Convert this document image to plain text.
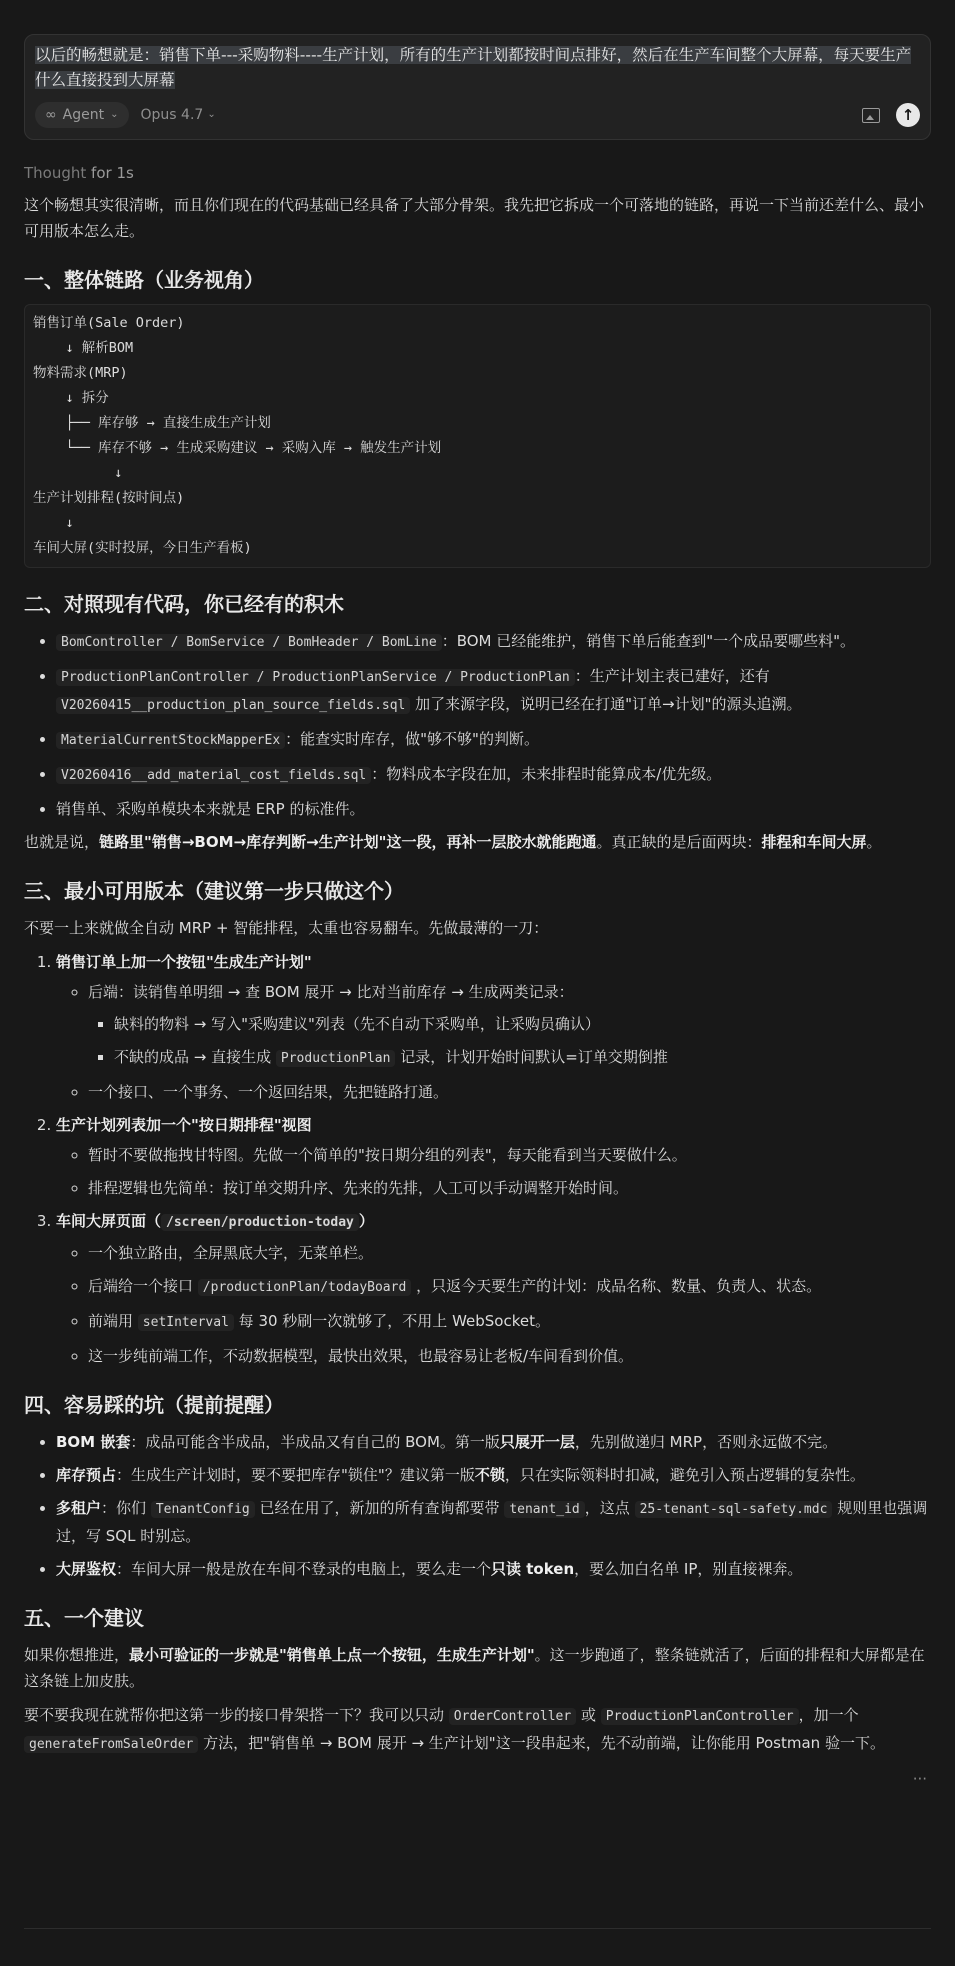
以后的畅想就是：销售下单---采购物料----生产计划，所有的生产计划都按时间点排好，然后在生产车间整个大屏幕，每天要生产什么直接投到大屏幕
∞ Agent ⌄ Opus 4.7 ⌄	↑
Thought for 1s

这个畅想其实很清晰，而且你们现在的代码基础已经具备了大部分骨架。我先把它拆成一个可落地的链路，再说一下当前还差什么、最小可用版本怎么走。

一、整体链路（业务视角）
销售订单(Sale Order)
↓ 解析BOM
物料需求(MRP)
↓ 拆分
├── 库存够 → 直接生成生产计划
└── 库存不够 → 生成采购建议 → 采购入库 → 触发生产计划
↓
生产计划排程(按时间点)
↓
车间大屏(实时投屏，今日生产看板)
二、对照现有代码，你已经有的积木
• BomController / BomService / BomHeader / BomLine ：BOM 已经能维护，销售下单后能查到"一个成品要哪些料"。
• ProductionPlanController / ProductionPlanService / ProductionPlan ：生产计划主表已建好，还有 V20260415__production_plan_source_fields.sql 加了来源字段，说明已经在打通"订单→计划"的源头追溯。
• MaterialCurrentStockMapperEx ：能查实时库存，做"够不够"的判断。
• V20260416__add_material_cost_fields.sql ：物料成本字段在加，未来排程时能算成本/优先级。
• 销售单、采购单模块本来就是 ERP 的标准件。

也就是说，链路里"销售→BOM→库存判断→生产计划"这一段，再补一层胶水就能跑通。真正缺的是后面两块：排程和车间大屏。

三、最小可用版本（建议第一步只做这个）

不要一上来就做全自动 MRP + 智能排程，太重也容易翻车。先做最薄的一刀：

1. 销售订单上加一个按钮"生成生产计划"
◦ 后端：读销售单明细 → 查 BOM 展开 → 比对当前库存 → 生成两类记录：
▪ 缺料的物料 → 写入"采购建议"列表（先不自动下采购单，让采购员确认）
▪ 不缺的成品 → 直接生成 ProductionPlan 记录，计划开始时间默认=订单交期倒推
◦ 一个接口、一个事务、一个返回结果，先把链路打通。
2. 生产计划列表加一个"按日期排程"视图
◦ 暂时不要做拖拽甘特图。先做一个简单的"按日期分组的列表"，每天能看到当天要做什么。
◦ 排程逻辑也先简单：按订单交期升序、先来的先排，人工可以手动调整开始时间。
3. 车间大屏页面（ /screen/production-today ）
◦ 一个独立路由，全屏黑底大字，无菜单栏。
◦ 后端给一个接口 /productionPlan/todayBoard ，只返今天要生产的计划：成品名称、数量、负责人、状态。
◦ 前端用 setInterval 每 30 秒刷一次就够了，不用上 WebSocket。
◦ 这一步纯前端工作，不动数据模型，最快出效果，也最容易让老板/车间看到价值。
四、容易踩的坑（提前提醒）
• BOM 嵌套：成品可能含半成品，半成品又有自己的 BOM。第一版只展开一层，先别做递归 MRP，否则永远做不完。
• 库存预占：生成生产计划时，要不要把库存"锁住"？建议第一版不锁，只在实际领料时扣减，避免引入预占逻辑的复杂性。
• 多租户：你们 TenantConfig 已经在用了，新加的所有查询都要带 tenant_id ，这点 25-tenant-sql-safety.mdc 规则里也强调过，写 SQL 时别忘。
• 大屏鉴权：车间大屏一般是放在车间不登录的电脑上，要么走一个只读 token，要么加白名单 IP，别直接裸奔。
五、一个建议

如果你想推进，最小可验证的一步就是"销售单上点一个按钮，生成生产计划"。这一步跑通了，整条链就活了，后面的排程和大屏都是在这条链上加皮肤。

要不要我现在就帮你把这第一步的接口骨架搭一下？我可以只动 OrderController 或 ProductionPlanController ，加一个 generateFromSaleOrder 方法，把"销售单 → BOM 展开 → 生产计划"这一段串起来，先不动前端，让你能用 Postman 验一下。

···
